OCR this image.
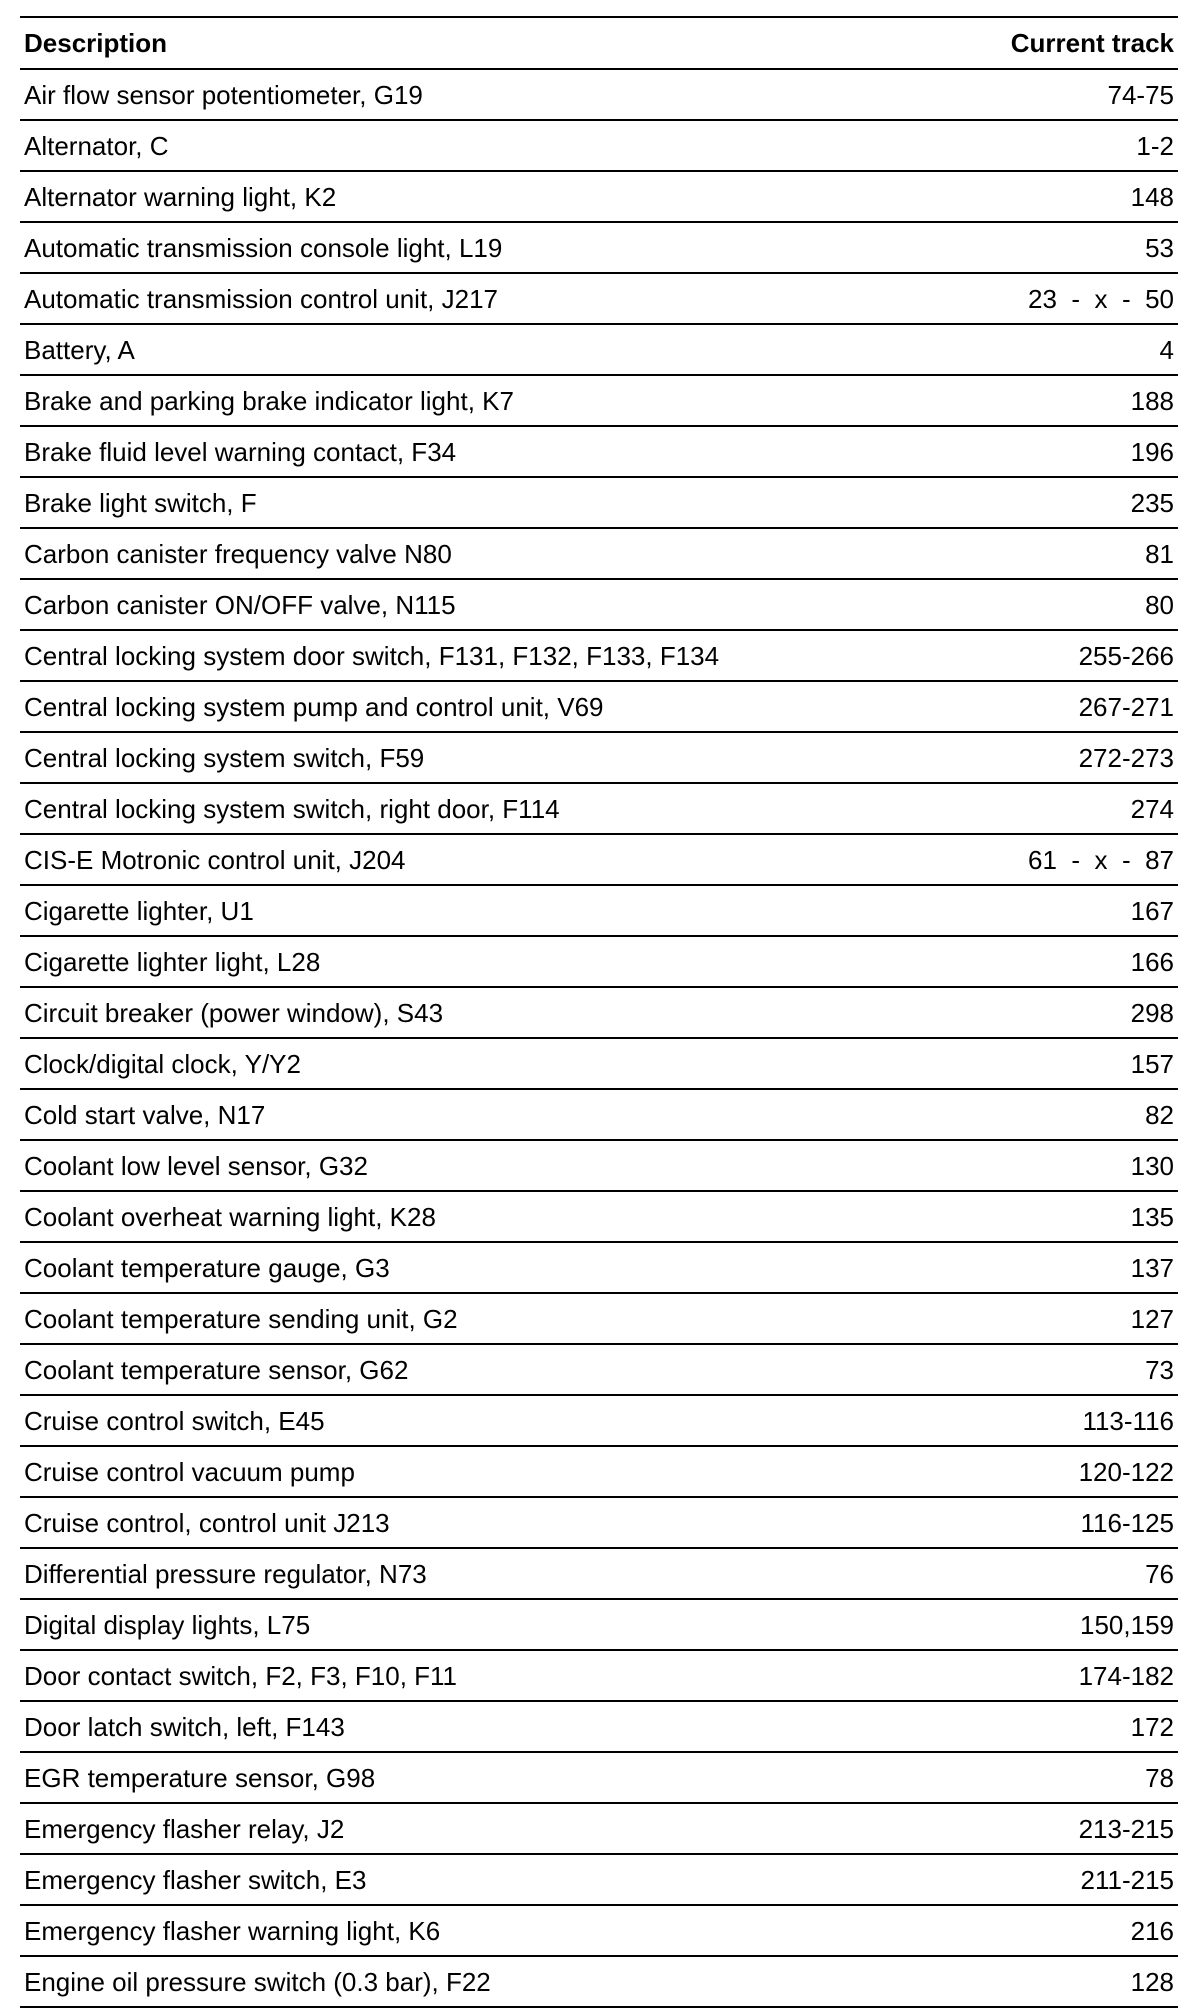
Description	Current track
Air flow sensor potentiometer, G19	74-75
Alternator, C	1-2
Alternator warning light, K2	148
Automatic transmission console light, L19	53
Automatic transmission control unit, J217	23  -  x  -  50
Battery, A	4
Brake and parking brake indicator light, K7	188
Brake fluid level warning contact, F34	196
Brake light switch, F	235
Carbon canister frequency valve N80	81
Carbon canister ON/OFF valve, N115	80
Central locking system door switch, F131, F132, F133, F134	255-266
Central locking system pump and control unit, V69	267-271
Central locking system switch, F59	272-273
Central locking system switch, right door, F114	274
CIS-E Motronic control unit, J204	61  -  x  -  87
Cigarette lighter, U1	167
Cigarette lighter light, L28	166
Circuit breaker (power window), S43	298
Clock/digital clock, Y/Y2	157
Cold start valve, N17	82
Coolant low level sensor, G32	130
Coolant overheat warning light, K28	135
Coolant temperature gauge, G3	137
Coolant temperature sending unit, G2	127
Coolant temperature sensor, G62	73
Cruise control switch, E45	113-116
Cruise control vacuum pump	120-122
Cruise control, control unit J213	116-125
Differential pressure regulator, N73	76
Digital display lights, L75	150,159
Door contact switch, F2, F3, F10, F11	174-182
Door latch switch, left, F143	172
EGR temperature sensor, G98	78
Emergency flasher relay, J2	213-215
Emergency flasher switch, E3	211-215
Emergency flasher warning light, K6	216
Engine oil pressure switch (0.3 bar), F22	128
